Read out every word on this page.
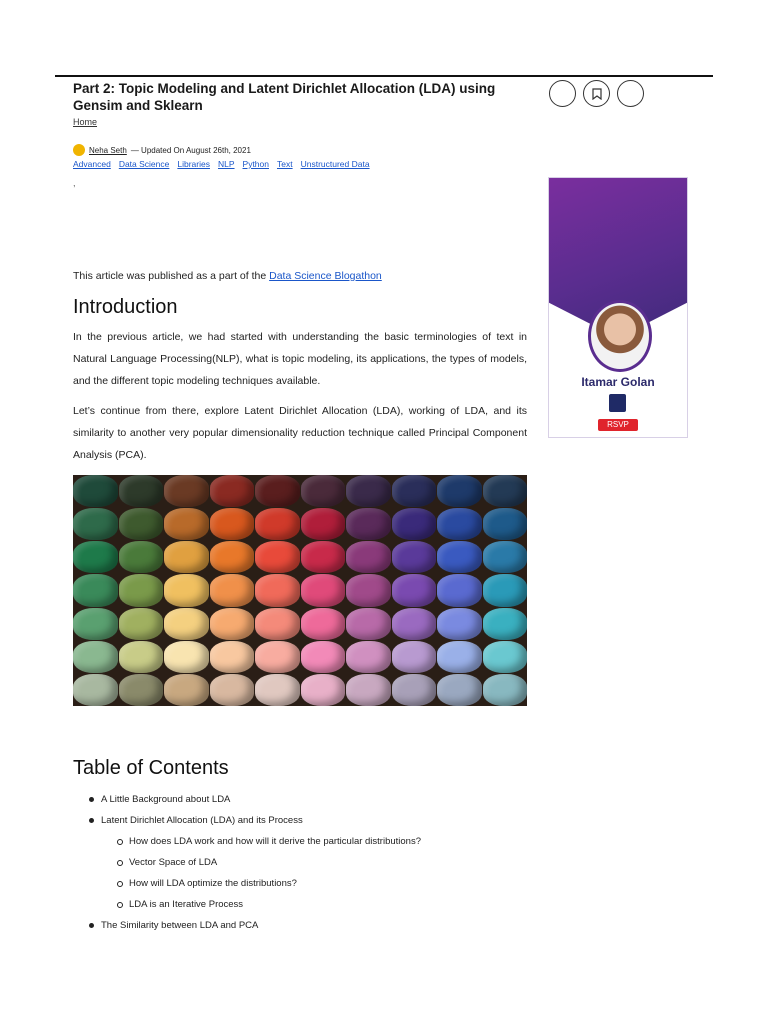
Part 2: Topic Modeling and Latent Dirichlet Allocation (LDA) using Gensim and Sklearn
Home
Neha Seth — Updated On August 26th, 2021
Advanced Data Science Libraries NLP Python Text Unstructured Data
,

This article was published as a part of the Data Science Blogathon

Introduction

In the previous article, we had started with understanding the basic terminologies of text in Natural Language Processing(NLP), what is topic modeling, its applications, the types of models, and the different topic modeling techniques available.

Let’s continue from there, explore Latent Dirichlet Allocation (LDA), working of LDA, and its similarity to another very popular dimensionality reduction technique called Principal Component Analysis (PCA).

Table of Contents
A Little Background about LDA
Latent Dirichlet Allocation (LDA) and its Process
How does LDA work and how will it derive the particular distributions?
Vector Space of LDA
How will LDA optimize the distributions?
LDA is an Iterative Process
The Similarity between LDA and PCA
Itamar Golan
RSVP
